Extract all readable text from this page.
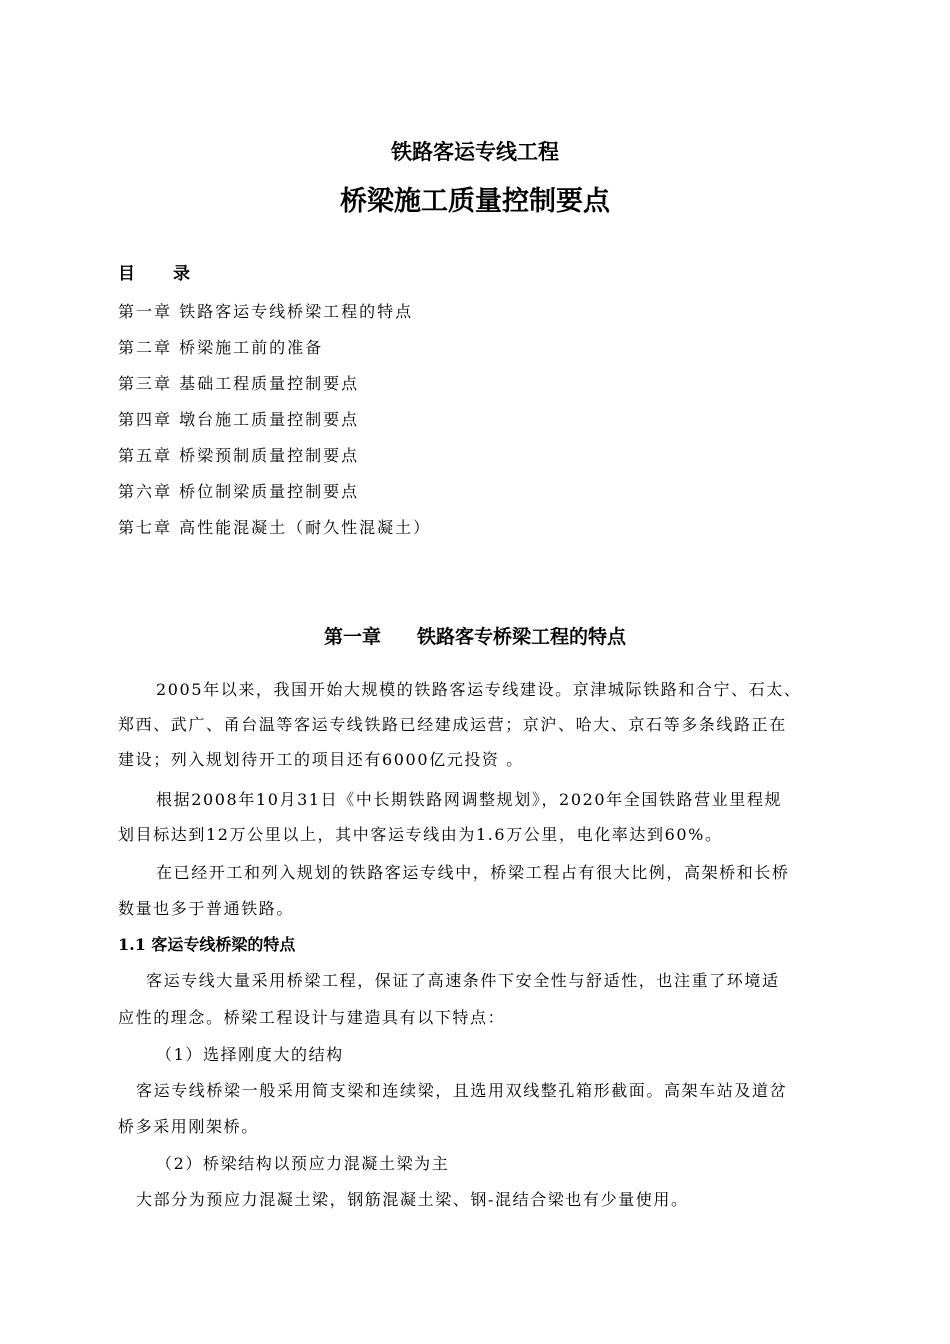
铁路客运专线工程
桥梁施工质量控制要点
目 录
第一章 铁路客运专线桥梁工程的特点
第二章 桥梁施工前的准备
第三章 基础工程质量控制要点
第四章 墩台施工质量控制要点
第五章 桥梁预制质量控制要点
第六章 桥位制梁质量控制要点
第七章 高性能混凝土（耐久性混凝土）
第一章 铁路客专桥梁工程的特点
2005年以来，我国开始大规模的铁路客运专线建设。京津城际铁路和合宁、石太、
郑西、武广、甬台温等客运专线铁路已经建成运营；京沪、哈大、京石等多条线路正在
建设；列入规划待开工的项目还有6000亿元投资 。
根据2008年10月31日《中长期铁路网调整规划》，2020年全国铁路营业里程规
划目标达到12万公里以上，其中客运专线由为1.6万公里，电化率达到60%。
在已经开工和列入规划的铁路客运专线中，桥梁工程占有很大比例，高架桥和长桥
数量也多于普通铁路。
1.1 客运专线桥梁的特点
客运专线大量采用桥梁工程，保证了高速条件下安全性与舒适性，也注重了环境适
应性的理念。桥梁工程设计与建造具有以下特点：
（1）选择刚度大的结构
客运专线桥梁一般采用简支梁和连续梁，且选用双线整孔箱形截面。高架车站及道岔
桥多采用刚架桥。
（2）桥梁结构以预应力混凝土梁为主
大部分为预应力混凝土梁，钢筋混凝土梁、钢-混结合梁也有少量使用。
